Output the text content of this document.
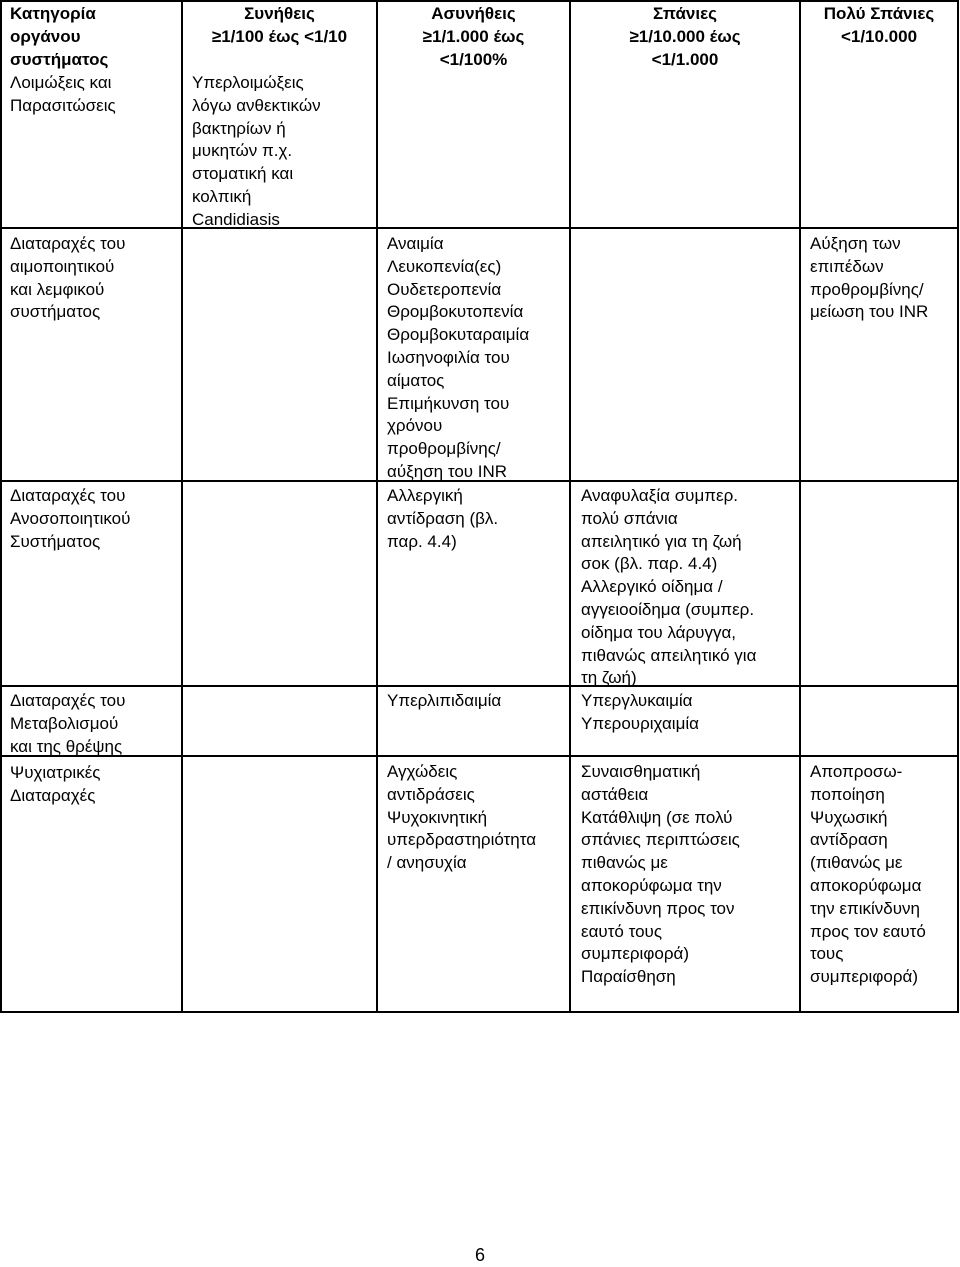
Κατηγορία
οργάνου
συστήματος
Συνήθεις
≥1/100 έως <1/10
Ασυνήθεις
≥1/1.000 έως
<1/100%
Σπάνιες
≥1/10.000 έως
<1/1.000
Πολύ Σπάνιες
<1/10.000
Λοιμώξεις και
Παρασιτώσεις
Υπερλοιμώξεις
λόγω ανθεκτικών
βακτηρίων ή
μυκητών π.χ.
στοματική και
κολπική
Candidiasis
Διαταραχές του
αιμοποιητικού
και λεμφικού
συστήματος
Αναιμία
Λευκοπενία(ες)
Ουδετεροπενία
Θρομβοκυτοπενία
Θρομβοκυταραιμία
Ιωσηνοφιλία του
αίματος
Επιμήκυνση του
χρόνου
προθρομβίνης/
αύξηση του INR
Αύξηση των
επιπέδων
προθρομβίνης/
μείωση του INR
Διαταραχές του
Ανοσοποιητικού
Συστήματος
Αλλεργική
αντίδραση (βλ.
παρ. 4.4)
Αναφυλαξία συμπερ.
πολύ σπάνια
απειλητικό για τη ζωή
σοκ (βλ. παρ. 4.4)
Αλλεργικό οίδημα /
αγγειοοίδημα (συμπερ.
οίδημα του λάρυγγα,
πιθανώς απειλητικό για
τη ζωή)
Διαταραχές του
Μεταβολισμού
και της θρέψης
Υπερλιπιδαιμία	Υπεργλυκαιμία
Υπερουριχαιμία
Ψυχιατρικές
Διαταραχές
Αγχώδεις
αντιδράσεις
Ψυχοκινητική
υπερδραστηριότητα
/ ανησυχία
Συναισθηματική
αστάθεια
Κατάθλιψη (σε πολύ
σπάνιες περιπτώσεις
πιθανώς με
αποκορύφωμα την
επικίνδυνη προς τον
εαυτό τους
συμπεριφορά)
Παραίσθηση
Αποπροσω-
ποποίηση
Ψυχωσική
αντίδραση
(πιθανώς με
αποκορύφωμα
την επικίνδυνη
προς τον εαυτό
τους
συμπεριφορά)
6
